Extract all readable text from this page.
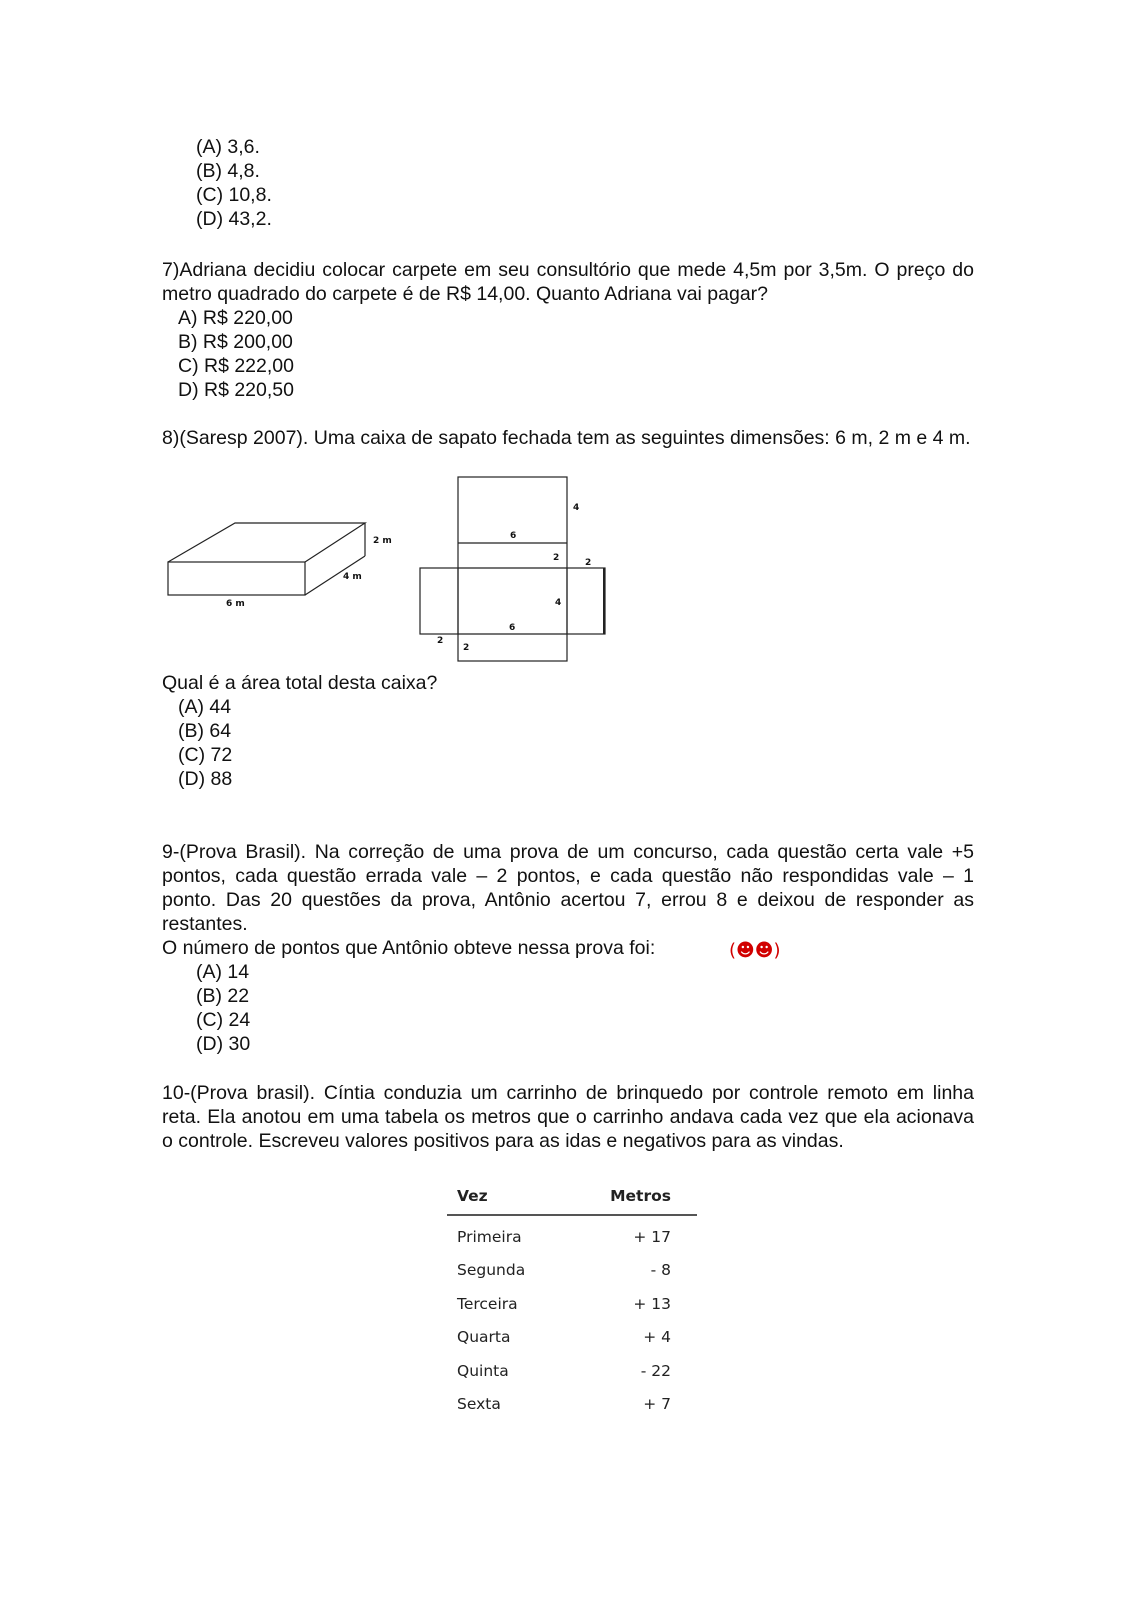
(A) 3,6.
(B) 4,8.
(C) 10,8.
(D) 43,2.
7)Adriana decidiu colocar carpete em seu consultório que mede 4,5m por 3,5m. O preço do metro quadrado do carpete é de R$ 14,00. Quanto Adriana vai pagar?
A) R$ 220,00
B) R$ 200,00
C) R$ 222,00
D) R$ 220,50
8)(Saresp 2007). Uma caixa de sapato fechada tem as seguintes dimensões: 6 m, 2 m e 4 m.
2 m
4 m
6 m
4
6
2	2
4
6
2
2
Qual é a área total desta caixa?
(A) 44
(B) 64
(C) 72
(D) 88
9-(Prova Brasil). Na correção de uma prova de um concurso, cada questão certa vale +5 pontos, cada questão errada vale – 2 pontos, e cada questão não respondidas vale – 1 ponto. Das 20 questões da prova, Antônio acertou 7, errou 8 e deixou de responder as restantes.
O número de pontos que Antônio obteve nessa prova foi:	(☻☻)
(A) 14
(B) 22
(C) 24
(D) 30
10-(Prova brasil). Cíntia conduzia um carrinho de brinquedo por controle remoto em linha reta. Ela anotou em uma tabela os metros que o carrinho andava cada vez que ela acionava o controle. Escreveu valores positivos para as idas e negativos para as vindas.
Vez	Metros
Primeira	+ 17
Segunda	- 8
Terceira	+ 13
Quarta	+ 4
Quinta	- 22
Sexta	+ 7
